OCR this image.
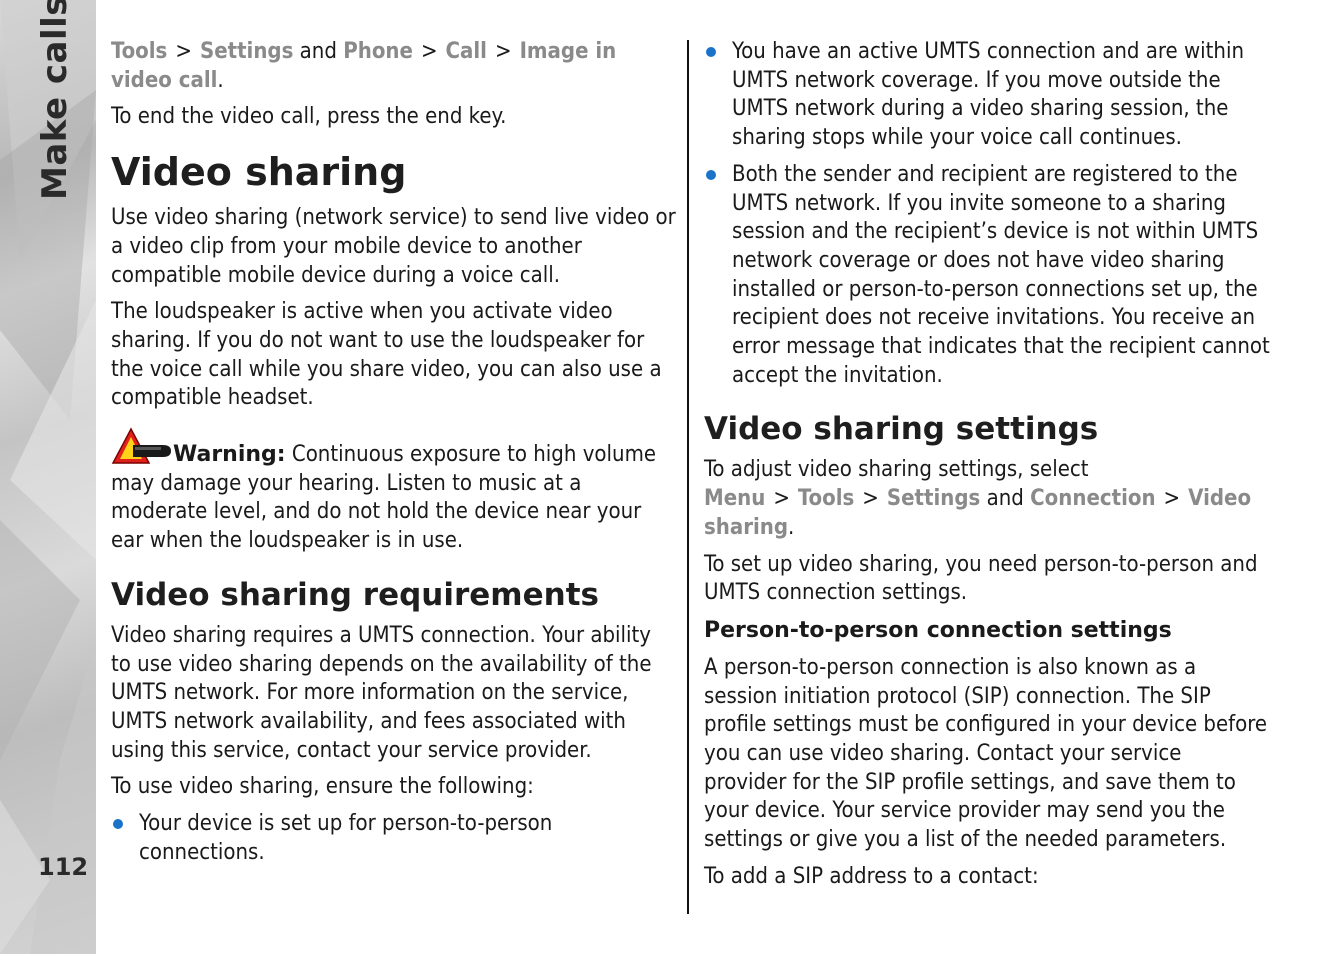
112

Tools > Settings and Phone > Call > Image in video call.

To end the video call, press the end key.

Video sharing

Use video sharing (network service) to send live video or a video clip from your mobile device to another compatible mobile device during a voice call.

The loudspeaker is active when you activate video sharing. If you do not want to use the loudspeaker for the voice call while you share video, you can also use a compatible headset.

Warning: Continuous exposure to high volume may damage your hearing. Listen to music at a moderate level, and do not hold the device near your ear when the loudspeaker is in use.

Video sharing requirements

Video sharing requires a UMTS connection. Your ability to use video sharing depends on the availability of the UMTS network. For more information on the service, UMTS network availability, and fees associated with using this service, contact your service provider.

To use video sharing, ensure the following:

Your device is set up for person-to-person connections.
You have an active UMTS connection and are within UMTS network coverage. If you move outside the UMTS network during a video sharing session, the sharing stops while your voice call continues.
Both the sender and recipient are registered to the UMTS network. If you invite someone to a sharing session and the recipient’s device is not within UMTS network coverage or does not have video sharing installed or person-to-person connections set up, the recipient does not receive invitations. You receive an error message that indicates that the recipient cannot accept the invitation.
Video sharing settings

To adjust video sharing settings, select Menu > Tools > Settings and Connection > Video sharing.

To set up video sharing, you need person-to-person and UMTS connection settings.

Person-to-person connection settings

A person-to-person connection is also known as a session initiation protocol (SIP) connection. The SIP profile settings must be configured in your device before you can use video sharing. Contact your service provider for the SIP profile settings, and save them to your device. Your service provider may send you the settings or give you a list of the needed parameters.

To add a SIP address to a contact:
